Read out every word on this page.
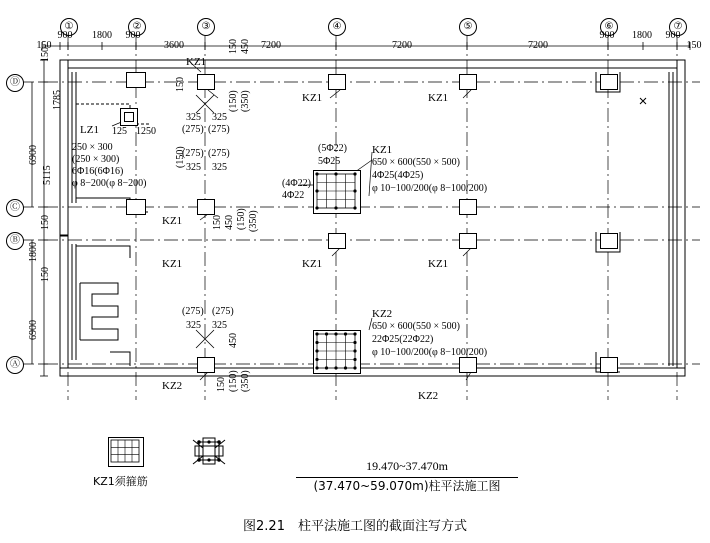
①	②	③	④	⑤	⑥	⑦
Ⓓ
Ⓒ
Ⓑ
Ⓐ
150
900	1800	900
3600	7200	7200	7200
900	1800	900
150
150
1785
6900
5115
150
1800
150
6900
KZ1
KZ1	KZ1
KZ1
KZ1	KZ1	KZ1
KZ2
KZ2
LZ1 125 1250
250 × 300
(250 × 300)
6Φ16(6Φ16)
φ 8−200(φ 8−200)
KZ1
650 × 600(550 × 500)
4Φ25(4Φ25)
φ 10−100/200(φ 8−100/200)
(5Φ22)
5Φ25
(4Φ22)
4Φ22
KZ2
650 × 600(550 × 500)
22Φ25(22Φ22)
φ 10−100/200(φ 8−100/200)
325 325
(275) (275)
(275) (275)
325 325
150 450
(150) (350)
150
(150)
150 450 (150) (350)
(275) (275)
325 325
450
150 (150) (350)
KZ1须箍筋
19.470~37.470m
(37.470~59.070m)柱平法施工图
图2.21　柱平法施工图的截面注写方式
